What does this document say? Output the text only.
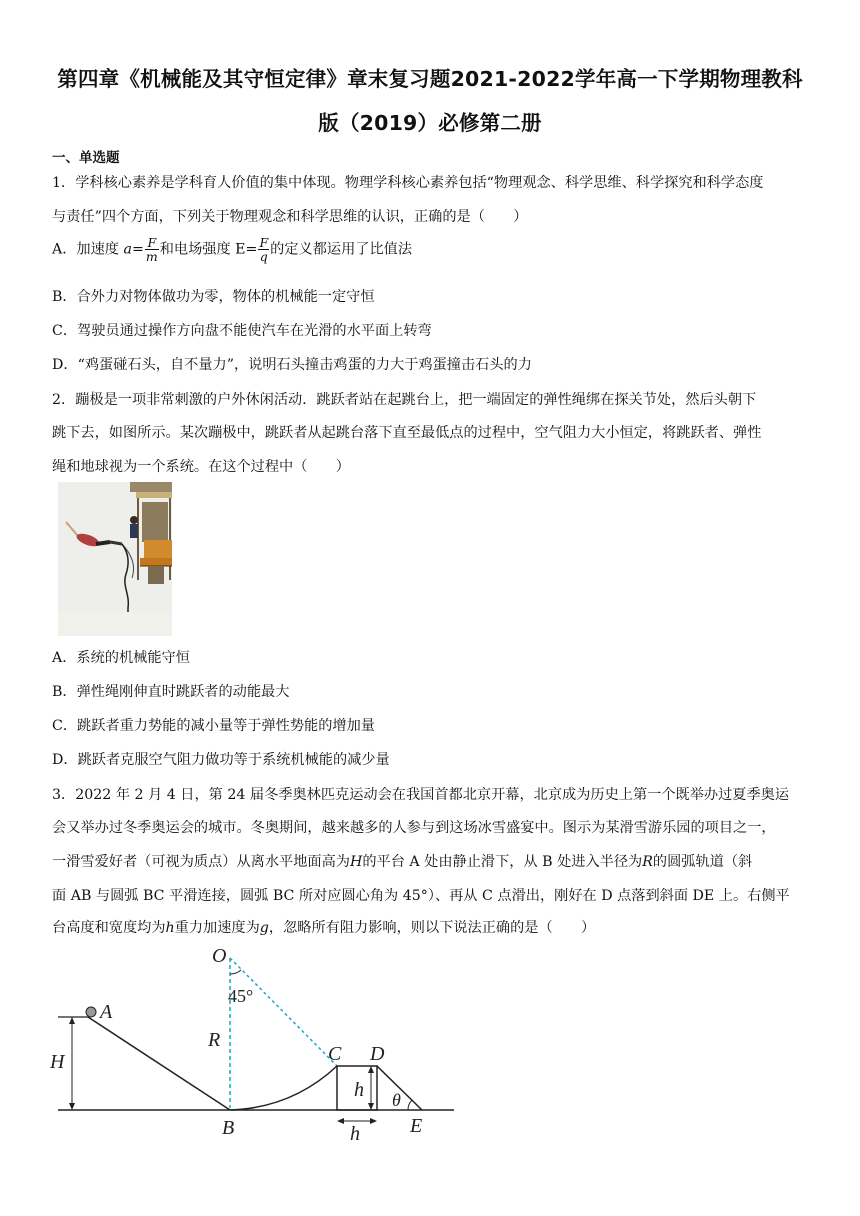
第四章《机械能及其守恒定律》章末复习题2021-2022学年高一下学期物理教科
版（2019）必修第二册
一、单选题
1．学科核心素养是学科育人价值的集中体现。物理学科核心素养包括“物理观念、科学思维、科学探究和科学态度
与责任”四个方面，下列关于物理观念和科学思维的认识，正确的是（　　）
A．加速度 $a= \frac{F}{m}$ 和电场强度 $E= \frac{F}{q}$ 的定义都运用了比值法
B．合外力对物体做功为零，物体的机械能一定守恒
C．驾驶员通过操作方向盘不能使汽车在光滑的水平面上转弯
D．“鸡蛋碰石头，自不量力”，说明石头撞击鸡蛋的力大于鸡蛋撞击石头的力
2．蹦极是一项非常刺激的户外休闲活动．跳跃者站在起跳台上，把一端固定的弹性绳绑在探关节处，然后头朝下
跳下去，如图所示。某次蹦极中，跳跃者从起跳台落下直至最低点的过程中，空气阻力大小恒定，将跳跃者、弹性
绳和地球视为一个系统。在这个过程中（　　）
A．系统的机械能守恒
B．弹性绳刚伸直时跳跃者的动能最大
C．跳跃者重力势能的减小量等于弹性势能的增加量
D．跳跃者克服空气阻力做功等于系统机械能的减少量
3．2022 年 2 月 4 日，第 24 届冬季奥林匹克运动会在我国首都北京开幕，北京成为历史上第一个既举办过夏季奥运
会又举办过冬季奥运会的城市。冬奥期间，越来越多的人参与到这场冰雪盛宴中。图示为某滑雪游乐园的项目之一，
一滑雪爱好者（可视为质点）从离水平地面高为H的平台 A 处由静止滑下，从 B 处进入半径为R的圆弧轨道（斜
面 AB 与圆弧 BC 平滑连接，圆弧 BC 所对应圆心角为 45°）、再从 C 点滑出，刚好在 D 点落到斜面 DE 上。右侧平
台高度和宽度均为h重力加速度为g，忽略所有阻力影响，则以下说法正确的是（　　）
O
45°
A
H
R
B
C D
h θ
h	E
